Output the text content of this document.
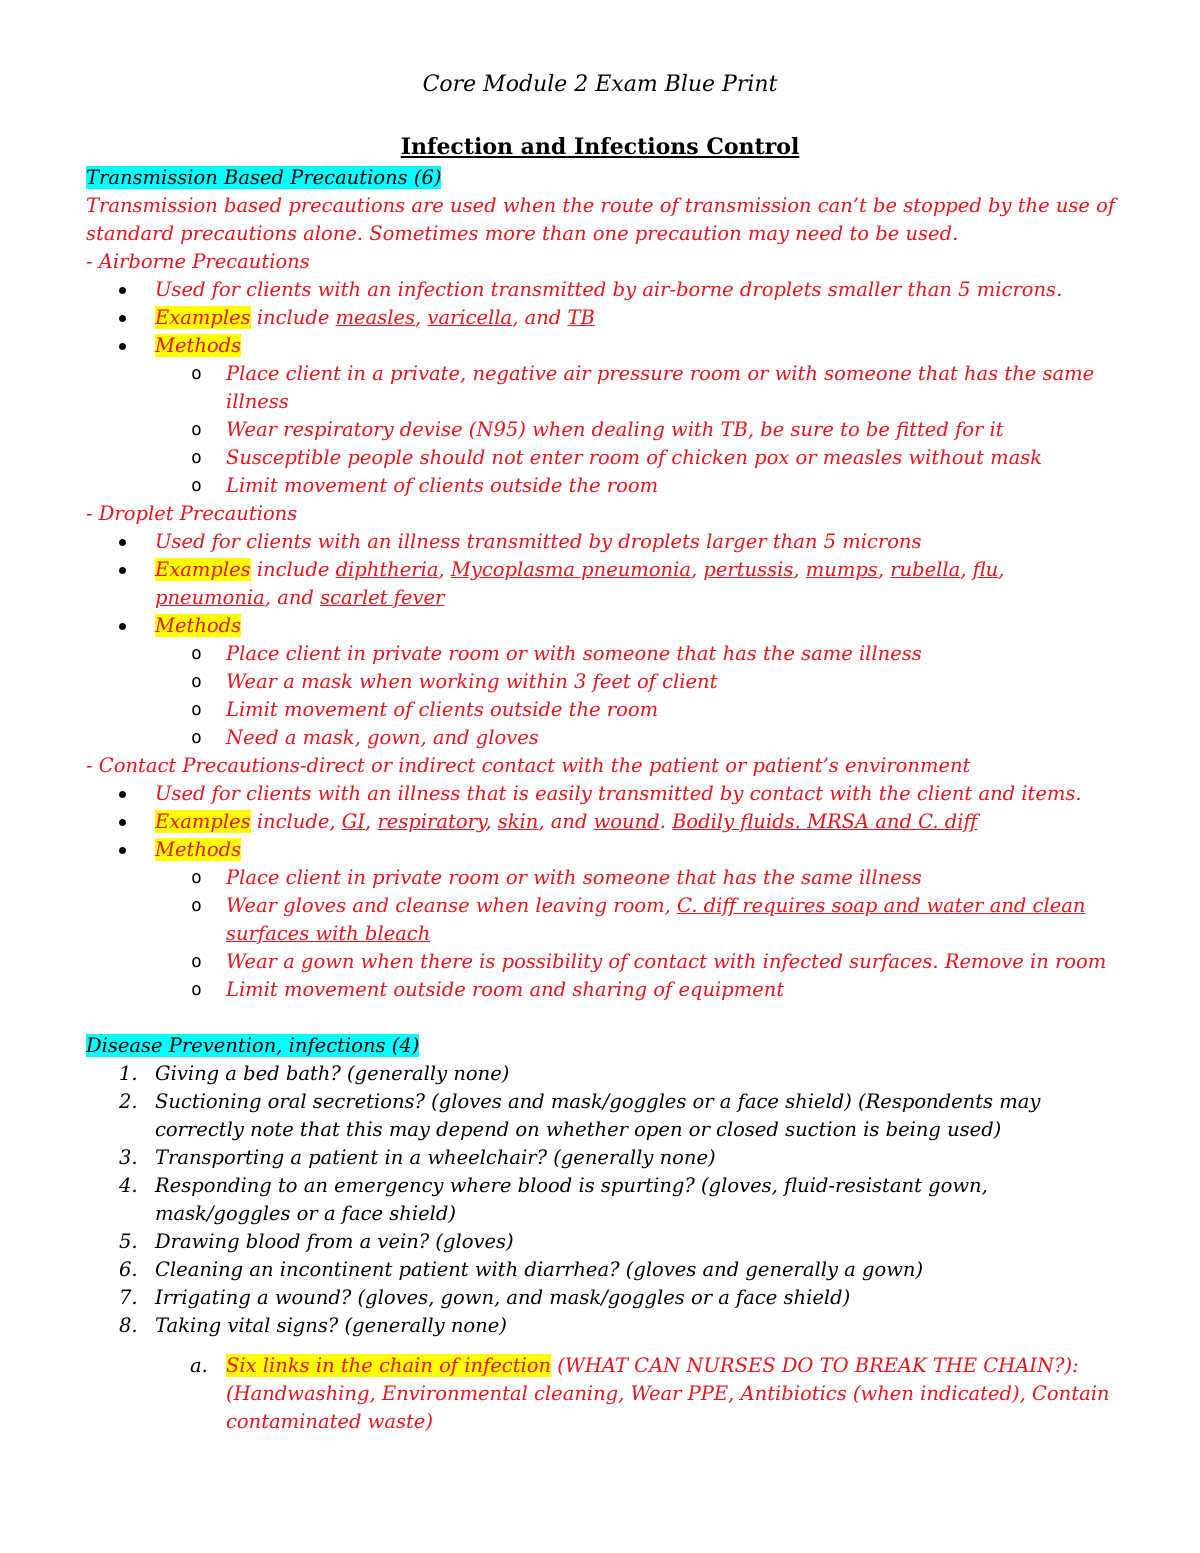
Core Module 2 Exam Blue Print
Infection and Infections Control

Transmission Based Precautions (6)

Transmission based precautions are used when the route of transmission can’t be stopped by the use of standard precautions alone. Sometimes more than one precaution may need to be used.

- Airborne Precautions

Used for clients with an infection transmitted by air-borne droplets smaller than 5 microns.
Examples include measles, varicella, and TB
Methods
o Place client in a private, negative air pressure room or with someone that has the same illness
o Wear respiratory devise (N95) when dealing with TB, be sure to be fitted for it
o Susceptible people should not enter room of chicken pox or measles without mask
o Limit movement of clients outside the room

- Droplet Precautions

Used for clients with an illness transmitted by droplets larger than 5 microns
Examples include diphtheria, Mycoplasma pneumonia, pertussis, mumps, rubella, flu, pneumonia, and scarlet fever
Methods
o Place client in private room or with someone that has the same illness
o Wear a mask when working within 3 feet of client
o Limit movement of clients outside the room
o Need a mask, gown, and gloves

- Contact Precautions-direct or indirect contact with the patient or patient’s environment

Used for clients with an illness that is easily transmitted by contact with the client and items.
Examples include, GI, respiratory, skin, and wound. Bodily fluids. MRSA and C. diff
Methods
o Place client in private room or with someone that has the same illness
o Wear gloves and cleanse when leaving room, C. diff requires soap and water and clean surfaces with bleach
o Wear a gown when there is possibility of contact with infected surfaces. Remove in room
o Limit movement outside room and sharing of equipment

Disease Prevention, infections (4)

1. Giving a bed bath? (generally none)
2. Suctioning oral secretions? (gloves and mask/goggles or a face shield) (Respondents may correctly note that this may depend on whether open or closed suction is being used)
3. Transporting a patient in a wheelchair? (generally none)
4. Responding to an emergency where blood is spurting? (gloves, fluid-resistant gown, mask/goggles or a face shield)
5. Drawing blood from a vein? (gloves)
6. Cleaning an incontinent patient with diarrhea? (gloves and generally a gown)
7. Irrigating a wound? (gloves, gown, and mask/goggles or a face shield)
8. Taking vital signs? (generally none)
a. Six links in the chain of infection (WHAT CAN NURSES DO TO BREAK THE CHAIN?): (Handwashing, Environmental cleaning, Wear PPE, Antibiotics (when indicated), Contain contaminated waste)
